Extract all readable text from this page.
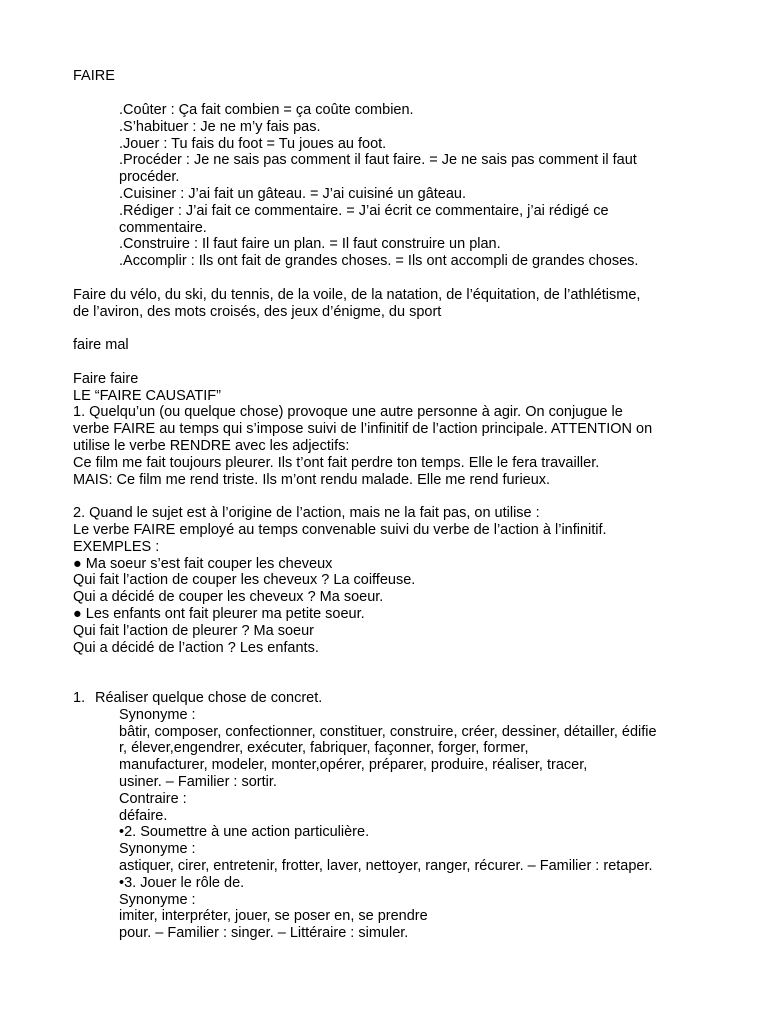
FAIRE
.Coûter : Ça fait combien = ça coûte combien.
.S’habituer : Je ne m’y fais pas.
.Jouer : Tu fais du foot = Tu joues au foot.
.Procéder : Je ne sais pas comment il faut faire. = Je ne sais pas comment il faut
procéder.
.Cuisiner : J’ai fait un gâteau. = J’ai cuisiné un gâteau.
.Rédiger : J’ai fait ce commentaire. = J’ai écrit ce commentaire, j’ai rédigé ce
commentaire.
.Construire : Il faut faire un plan. = Il faut construire un plan.
.Accomplir : Ils ont fait de grandes choses. = Ils ont accompli de grandes choses.
Faire du vélo, du ski, du tennis, de la voile, de la natation, de l’équitation, de l’athlétisme,
de l’aviron, des mots croisés, des jeux d’énigme, du sport
faire mal
Faire faire
LE “FAIRE CAUSATIF”
1. Quelqu’un (ou quelque chose) provoque une autre personne à agir. On conjugue le
verbe FAIRE au temps qui s’impose suivi de l’infinitif de l’action principale. ATTENTION on
utilise le verbe RENDRE avec les adjectifs:
Ce film me fait toujours pleurer. Ils t’ont fait perdre ton temps. Elle le fera travailler.
MAIS: Ce film me rend triste. Ils m’ont rendu malade. Elle me rend furieux.
2. Quand le sujet est à l’origine de l’action, mais ne la fait pas, on utilise :
Le verbe FAIRE employé au temps convenable suivi du verbe de l’action à l’infinitif.
EXEMPLES :
● Ma soeur s’est fait couper les cheveux
Qui fait l’action de couper les cheveux ? La coiffeuse.
Qui a décidé de couper les cheveux ? Ma soeur.
● Les enfants ont fait pleurer ma petite soeur.
Qui fait l’action de pleurer ? Ma soeur
Qui a décidé de l’action ? Les enfants.
1. Réaliser quelque chose de concret.
Synonyme :
bâtir, composer, confectionner, constituer, construire, créer, dessiner, détailler, édifie
r, élever,engendrer, exécuter, fabriquer, façonner, forger, former,
manufacturer, modeler, monter,opérer, préparer, produire, réaliser, tracer,
usiner. – Familier : sortir.
Contraire :
défaire.
•2. Soumettre à une action particulière.
Synonyme :
astiquer, cirer, entretenir, frotter, laver, nettoyer, ranger, récurer. – Familier : retaper.
•3. Jouer le rôle de.
Synonyme :
imiter, interpréter, jouer, se poser en, se prendre
pour. – Familier : singer. – Littéraire : simuler.
